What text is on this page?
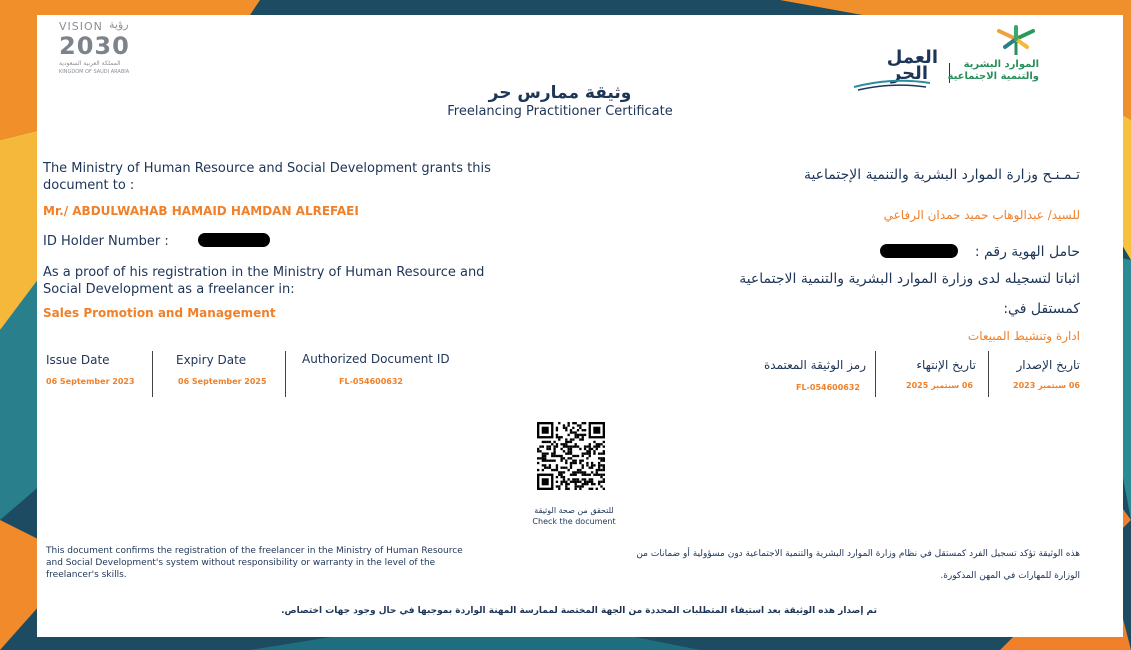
VISION رؤية
2030
المملكة العربية السعودية
KINGDOM OF SAUDI ARABIA
العمل
الحر	الموارد البشرية
والتنمية الاجتماعية
وثيقة ممارس حر
Freelancing Practitioner Certificate
The Ministry of Human Resource and Social Development grants this document to :
Mr./ ABDULWAHAB HAMAID HAMDAN ALREFAEI
ID Holder Number :
As a proof of his registration in the Ministry of Human Resource and Social Development as a freelancer in:
Sales Promotion and Management
Issue Date
06 September 2023
Expiry Date
06 September 2025
Authorized Document ID
FL-054600632
تـمـنـح وزارة الموارد البشرية والتنمية الإجتماعية
للسيد/ عبدالوهاب حميد حمدان الرفاعي
حامل الهوية رقم :
اثباتا لتسجيله لدى وزارة الموارد البشرية والتنمية الاجتماعية
كمستقل في:
ادارة وتنشيط المبيعات
تاريخ الإصدار
06 سبتمبر 2023
تاريخ الإنتهاء
06 سبتمبر 2025
رمز الوثيقة المعتمدة
FL-054600632
للتحقق من صحة الوثيقة
Check the document
This document confirms the registration of the freelancer in the Ministry of Human Resource and Social Development's system without responsibility or warranty in the level of the freelancer's skills.
هذه الوثيقة تؤكد تسجيل الفرد كمستقل في نظام وزارة الموارد البشرية والتنمية الاجتماعية دون مسؤولية أو ضمانات من
الوزارة للمهارات في المهن المذكورة.
تم إصدار هذه الوثيقة بعد استيفاء المتطلبات المحددة من الجهة المختصة لممارسة المهنة الواردة بموجبها في حال وجود جهات اختصاص.
